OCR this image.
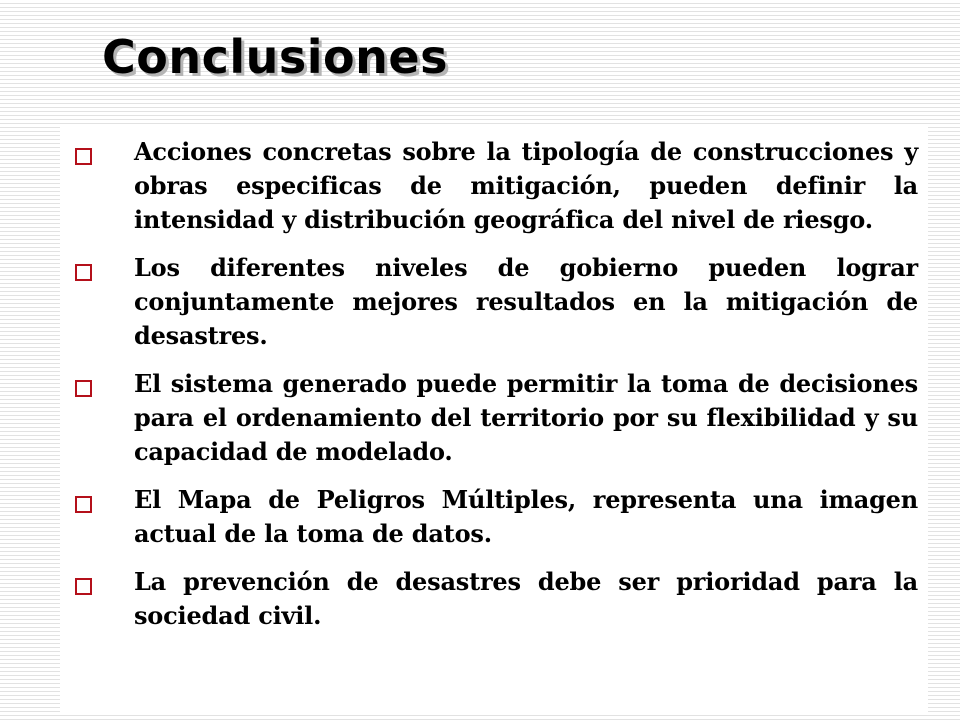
Conclusiones
Acciones concretas sobre la tipología de construcciones y obras especificas de mitigación, pueden definir la intensidad y distribución geográfica del nivel de riesgo.
Los diferentes niveles de gobierno pueden lograr conjuntamente mejores resultados en la mitigación de desastres.
El sistema generado puede permitir la toma de decisiones para el ordenamiento del territorio por su flexibilidad y su capacidad de modelado.
El Mapa de Peligros Múltiples, representa una imagen actual de la toma de datos.
La prevención de desastres debe ser prioridad para la sociedad civil.
